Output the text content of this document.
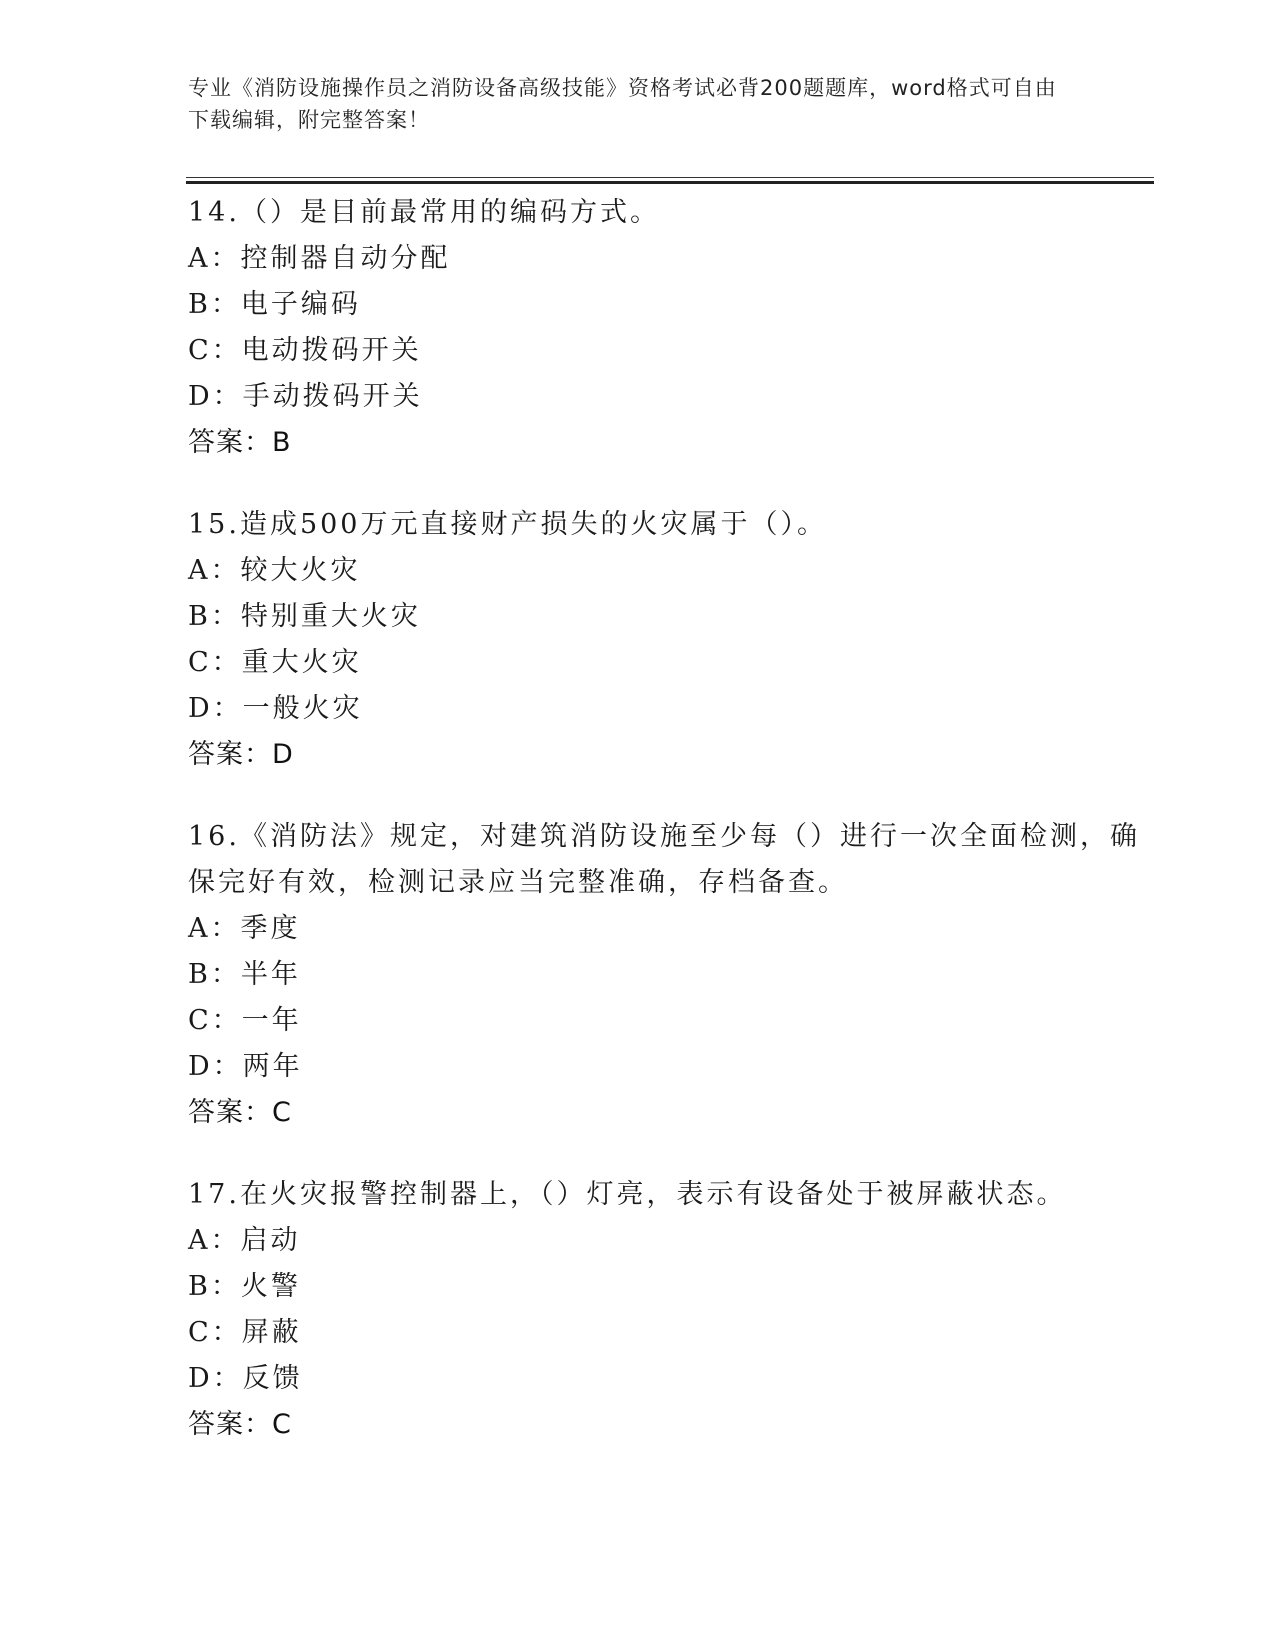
专业《消防设施操作员之消防设备高级技能》资格考试必背200题题库，word格式可自由下载编辑，附完整答案！

14.（）是目前最常用的编码方式。

A：控制器自动分配

B：电子编码

C：电动拨码开关

D：手动拨码开关

答案：B

15.造成500万元直接财产损失的火灾属于（）。

A：较大火灾

B：特别重大火灾

C：重大火灾

D：一般火灾

答案：D

16.《消防法》规定，对建筑消防设施至少每（）进行一次全面检测，确保完好有效，检测记录应当完整准确，存档备查。

A：季度

B：半年

C：一年

D：两年

答案：C

17.在火灾报警控制器上，（）灯亮，表示有设备处于被屏蔽状态。

A：启动

B：火警

C：屏蔽

D：反馈

答案：C
